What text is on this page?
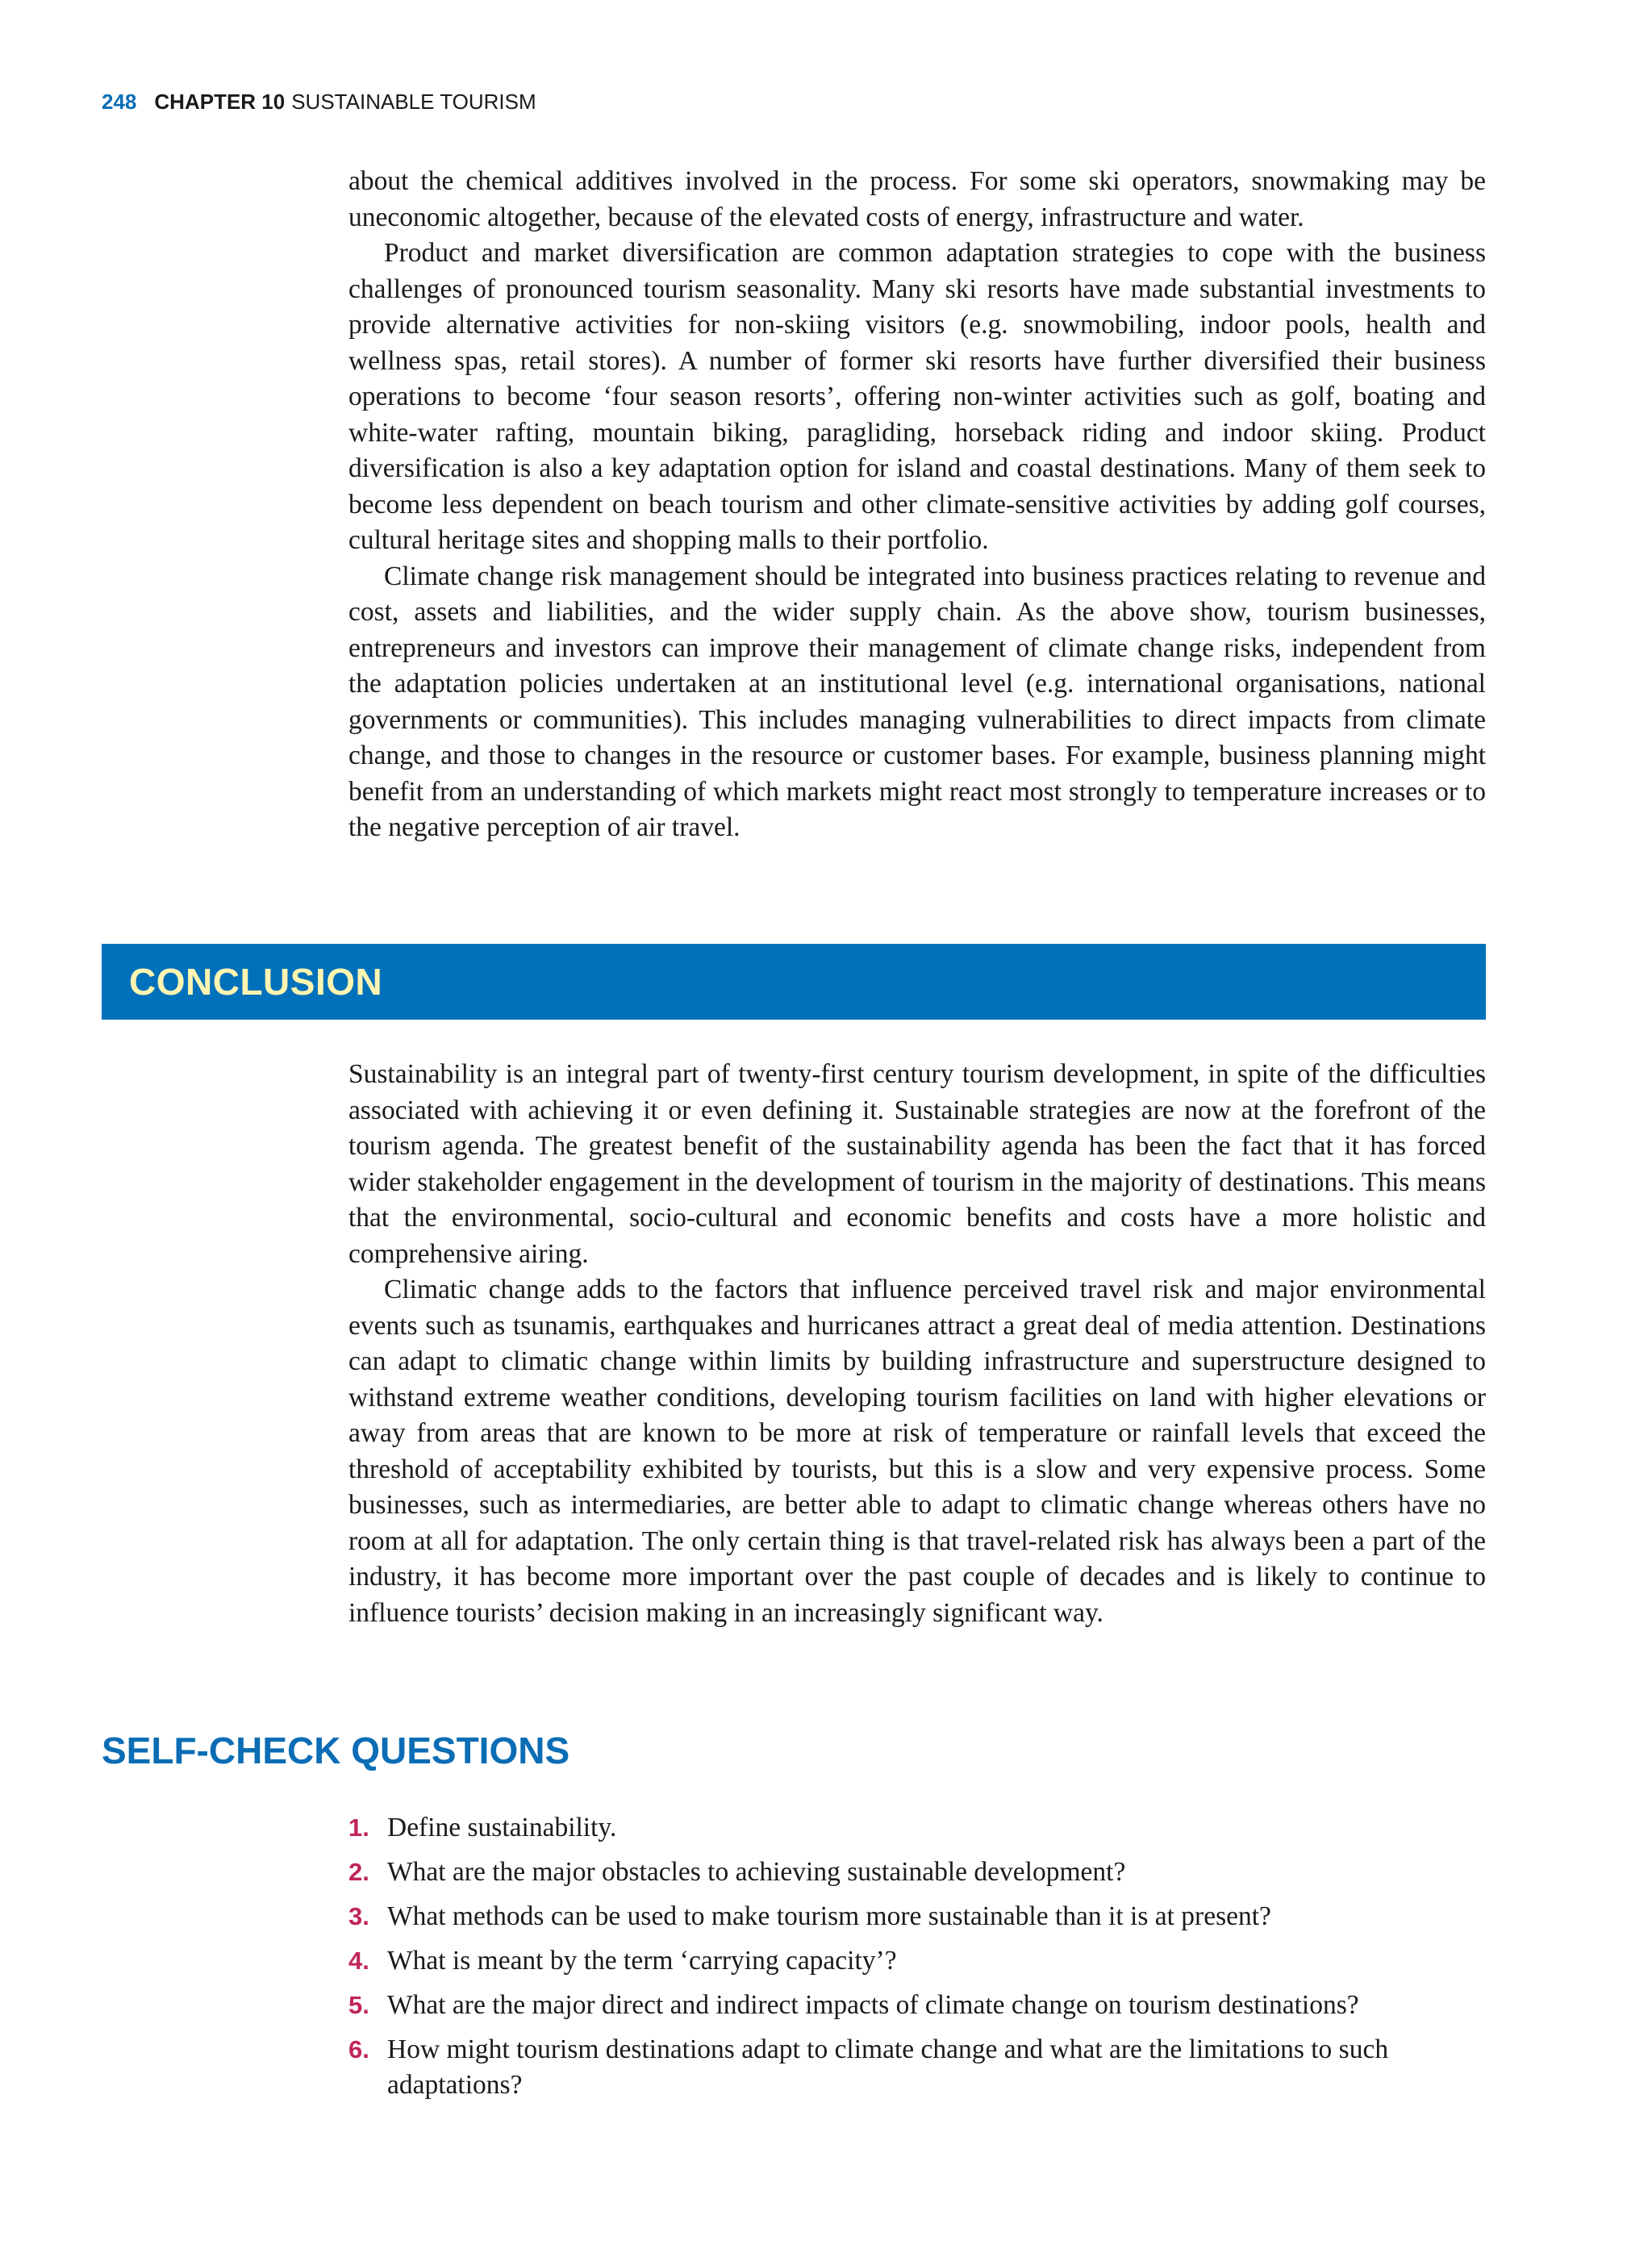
248 CHAPTER 10 SUSTAINABLE TOURISM

about the chemical additives involved in the process. For some ski operators, snowmaking may be uneconomic altogether, because of the elevated costs of energy, infrastructure and water.

Product and market diversification are common adaptation strategies to cope with the business challenges of pronounced tourism seasonality. Many ski resorts have made substantial investments to provide alternative activities for non-skiing visitors (e.g. snowmobiling, indoor pools, health and wellness spas, retail stores). A number of former ski resorts have further diversified their business operations to become ‘four season resorts’, offering non-winter activities such as golf, boating and white-water rafting, mountain biking, paragliding, horseback riding and indoor skiing. Product diversification is also a key adaptation option for island and coastal destinations. Many of them seek to become less dependent on beach tourism and other climate-sensitive activities by adding golf courses, cultural heritage sites and shopping malls to their portfolio.

Climate change risk management should be integrated into business practices relating to revenue and cost, assets and liabilities, and the wider supply chain. As the above show, tourism businesses, entrepreneurs and investors can improve their management of climate change risks, independent from the adaptation policies undertaken at an institutional level (e.g. international organisations, national governments or communities). This includes managing vulnerabilities to direct impacts from climate change, and those to changes in the resource or customer bases. For example, business planning might benefit from an understanding of which markets might react most strongly to temperature increases or to the negative perception of air travel.

CONCLUSION

Sustainability is an integral part of twenty-first century tourism development, in spite of the difficulties associated with achieving it or even defining it. Sustainable strategies are now at the forefront of the tourism agenda. The greatest benefit of the sustainability agenda has been the fact that it has forced wider stakeholder engagement in the development of tourism in the majority of destinations. This means that the environmental, socio-cultural and economic benefits and costs have a more holistic and comprehensive airing.

Climatic change adds to the factors that influence perceived travel risk and major environmental events such as tsunamis, earthquakes and hurricanes attract a great deal of media attention. Destinations can adapt to climatic change within limits by building infrastructure and superstructure designed to withstand extreme weather conditions, developing tourism facilities on land with higher elevations or away from areas that are known to be more at risk of temperature or rainfall levels that exceed the threshold of acceptability exhibited by tourists, but this is a slow and very expensive process. Some businesses, such as intermediaries, are better able to adapt to climatic change whereas others have no room at all for adaptation. The only certain thing is that travel-related risk has always been a part of the industry, it has become more important over the past couple of decades and is likely to continue to influence tourists’ decision making in an increasingly significant way.

SELF-CHECK QUESTIONS
1. Define sustainability.
2. What are the major obstacles to achieving sustainable development?
3. What methods can be used to make tourism more sustainable than it is at present?
4. What is meant by the term ‘carrying capacity’?
5. What are the major direct and indirect impacts of climate change on tourism destinations?
6. How might tourism destinations adapt to climate change and what are the limitations to such adaptations?
